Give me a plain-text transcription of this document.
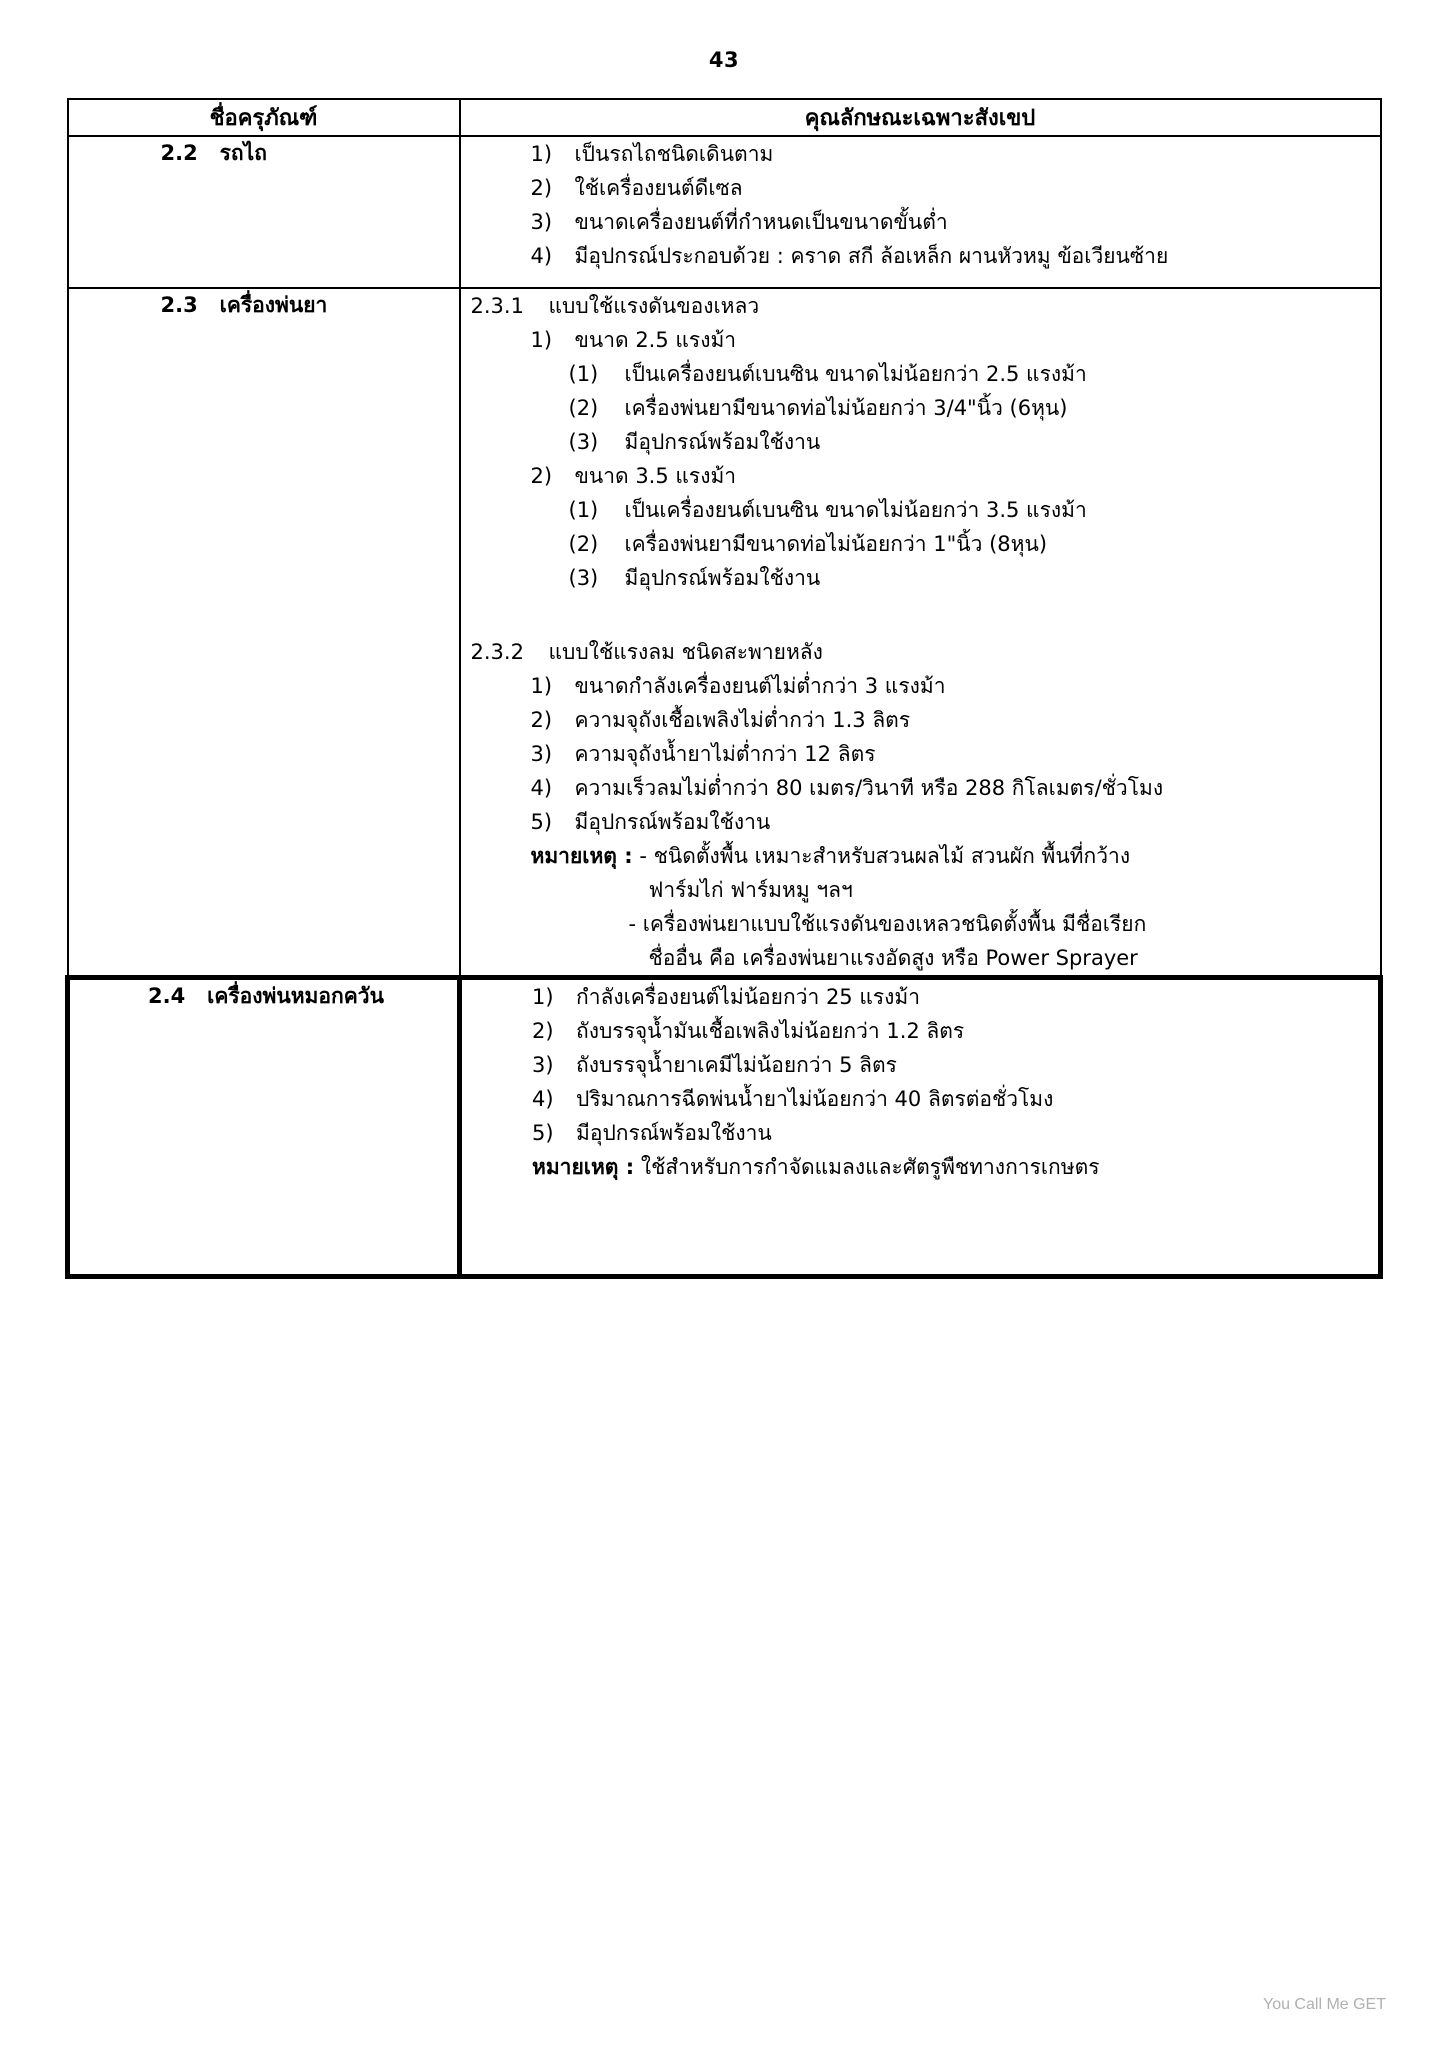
43
ชื่อครุภัณฑ์	คุณลักษณะเฉพาะสังเขป

2.2 รถไถ	1) เป็นรถไถชนิดเดินตาม

2) ใช้เครื่องยนต์ดีเซล

3) ขนาดเครื่องยนต์ที่กำหนดเป็นขนาดขั้นต่ำ

4) มีอุปกรณ์ประกอบด้วย : คราด สกี ล้อเหล็ก ผานหัวหมู ข้อเวียนซ้าย

2.3 เครื่องพ่นยา	2.3.1 แบบใช้แรงดันของเหลว

1) ขนาด 2.5 แรงม้า

(1) เป็นเครื่องยนต์เบนซิน ขนาดไม่น้อยกว่า 2.5 แรงม้า

(2) เครื่องพ่นยามีขนาดท่อไม่น้อยกว่า 3/4"นิ้ว (6หุน)

(3) มีอุปกรณ์พร้อมใช้งาน

2) ขนาด 3.5 แรงม้า

(1) เป็นเครื่องยนต์เบนซิน ขนาดไม่น้อยกว่า 3.5 แรงม้า

(2) เครื่องพ่นยามีขนาดท่อไม่น้อยกว่า 1"นิ้ว (8หุน)

(3) มีอุปกรณ์พร้อมใช้งาน

2.3.2 แบบใช้แรงลม ชนิดสะพายหลัง

1) ขนาดกำลังเครื่องยนต์ไม่ต่ำกว่า 3 แรงม้า

2) ความจุถังเชื้อเพลิงไม่ต่ำกว่า 1.3 ลิตร

3) ความจุถังน้ำยาไม่ต่ำกว่า 12 ลิตร

4) ความเร็วลมไม่ต่ำกว่า 80 เมตร/วินาที หรือ 288 กิโลเมตร/ชั่วโมง

5) มีอุปกรณ์พร้อมใช้งาน

หมายเหตุ : - ชนิดตั้งพื้น เหมาะสำหรับสวนผลไม้ สวนผัก พื้นที่กว้าง

ฟาร์มไก่ ฟาร์มหมู ฯลฯ

- เครื่องพ่นยาแบบใช้แรงดันของเหลวชนิดตั้งพื้น มีชื่อเรียก

ชื่ออื่น คือ เครื่องพ่นยาแรงอัดสูง หรือ Power Sprayer

2.4 เครื่องพ่นหมอกควัน	1) กำลังเครื่องยนต์ไม่น้อยกว่า 25 แรงม้า

2) ถังบรรจุน้ำมันเชื้อเพลิงไม่น้อยกว่า 1.2 ลิตร

3) ถังบรรจุน้ำยาเคมีไม่น้อยกว่า 5 ลิตร

4) ปริมาณการฉีดพ่นน้ำยาไม่น้อยกว่า 40 ลิตรต่อชั่วโมง

5) มีอุปกรณ์พร้อมใช้งาน

หมายเหตุ : ใช้สำหรับการกำจัดแมลงและศัตรูพืชทางการเกษตร

You Call Me GET
